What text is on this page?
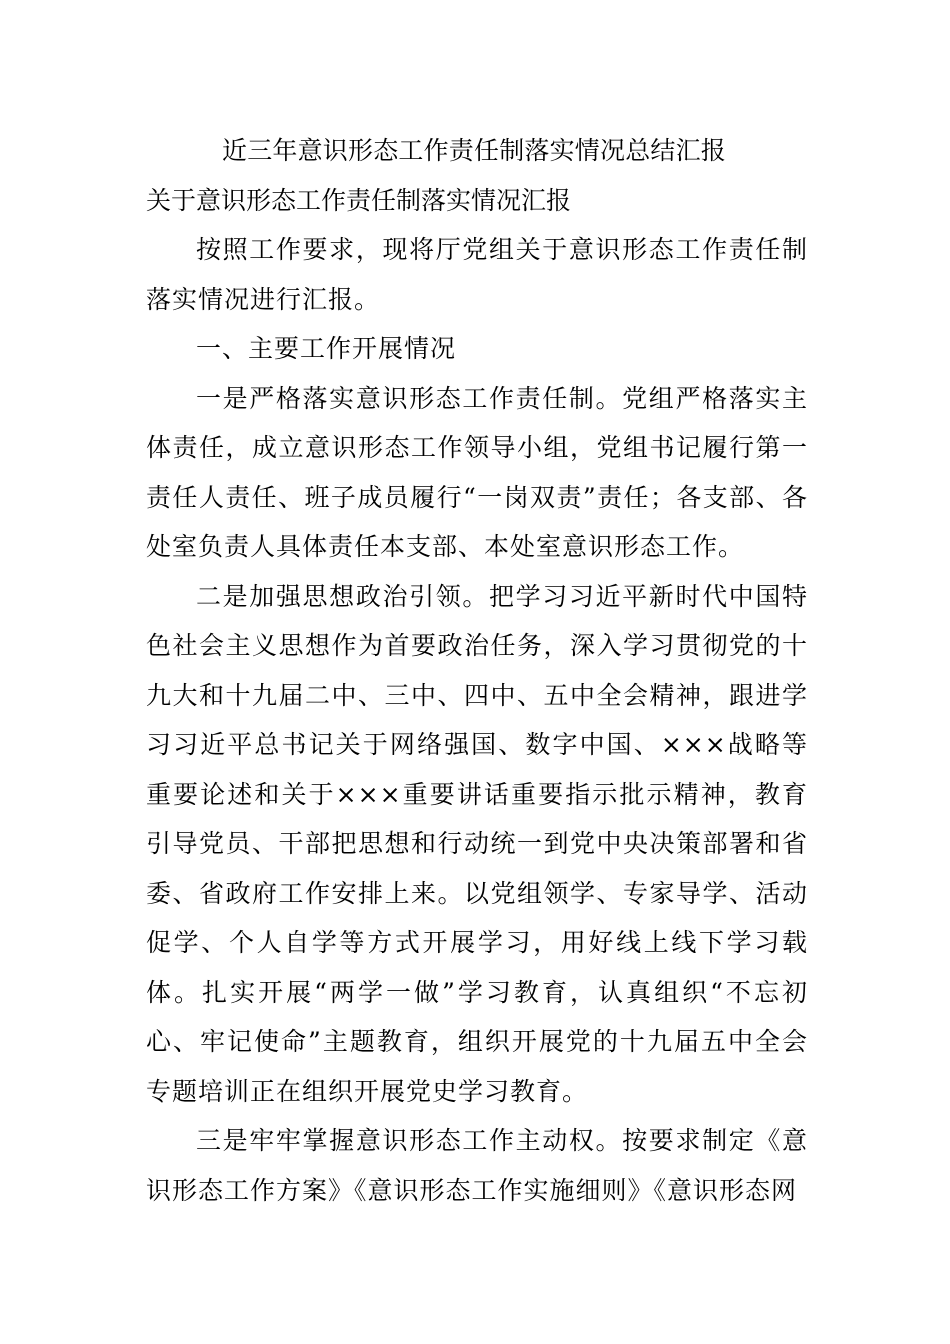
近三年意识形态工作责任制落实情况总结汇报
关于意识形态工作责任制落实情况汇报

按照工作要求，现将厅党组关于意识形态工作责任制落实情况进行汇报。

一、主要工作开展情况

一是严格落实意识形态工作责任制。党组严格落实主体责任，成立意识形态工作领导小组，党组书记履行第一责任人责任、班子成员履行“一岗双责”责任；各支部、各处室负责人具体责任本支部、本处室意识形态工作。

二是加强思想政治引领。把学习习近平新时代中国特色社会主义思想作为首要政治任务，深入学习贯彻党的十九大和十九届二中、三中、四中、五中全会精神，跟进学习习近平总书记关于网络强国、数字中国、×××战略等重要论述和关于×××重要讲话重要指示批示精神，教育引导党员、干部把思想和行动统一到党中央决策部署和省委、省政府工作安排上来。以党组领学、专家导学、活动促学、个人自学等方式开展学习，用好线上线下学习载体。扎实开展“两学一做”学习教育，认真组织“不忘初心、牢记使命”主题教育，组织开展党的十九届五中全会专题培训正在组织开展党史学习教育。

三是牢牢掌握意识形态工作主动权。按要求制定《意识形态工作方案》《意识形态工作实施细则》《意识形态网
